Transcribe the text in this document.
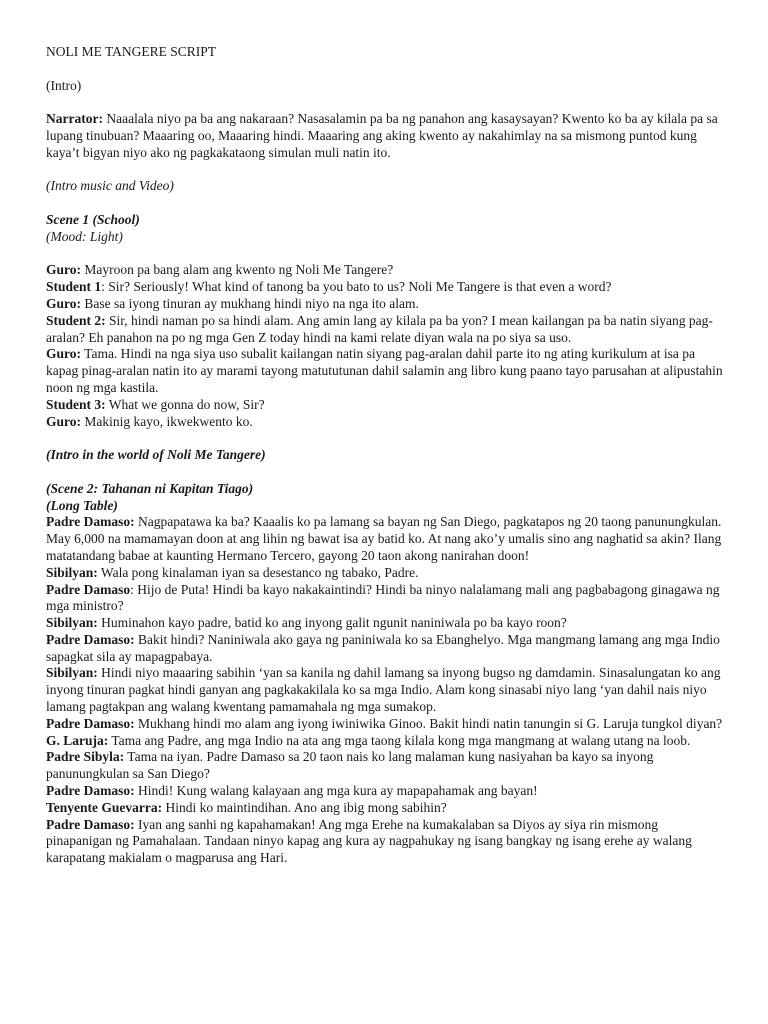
NOLI ME TANGERE SCRIPT

(Intro)

Narrator: Naaalala niyo pa ba ang nakaraan? Nasasalamin pa ba ng panahon ang kasaysayan? Kwento ko ba ay kilala pa sa lupang tinubuan? Maaaring oo, Maaaring hindi. Maaaring ang aking kwento ay nakahimlay na sa mismong puntod kung kaya’t bigyan niyo ako ng pagkakataong simulan muli natin ito.

(Intro music and Video)

Scene 1 (School)

(Mood: Light)

Guro: Mayroon pa bang alam ang kwento ng Noli Me Tangere?

Student 1: Sir? Seriously! What kind of tanong ba you bato to us? Noli Me Tangere is that even a word?

Guro: Base sa iyong tinuran ay mukhang hindi niyo na nga ito alam.

Student 2: Sir, hindi naman po sa hindi alam. Ang amin lang ay kilala pa ba yon? I mean kailangan pa ba natin siyang pag-aralan? Eh panahon na po ng mga Gen Z today hindi na kami relate diyan wala na po siya sa uso.

Guro: Tama. Hindi na nga siya uso subalit kailangan natin siyang pag-aralan dahil parte ito ng ating kurikulum at isa pa kapag pinag-aralan natin ito ay marami tayong matututunan dahil salamin ang libro kung paano tayo parusahan at alipustahin noon ng mga kastila.

Student 3: What we gonna do now, Sir?

Guro: Makinig kayo, ikwekwento ko.

(Intro in the world of Noli Me Tangere)

(Scene 2: Tahanan ni Kapitan Tiago)

(Long Table)

Padre Damaso: Nagpapatawa ka ba? Kaaalis ko pa lamang sa bayan ng San Diego, pagkatapos ng 20 taong panunungkulan. May 6,000 na mamamayan doon at ang lihin ng bawat isa ay batid ko. At nang ako’y umalis sino ang naghatid sa akin? Ilang matatandang babae at kaunting Hermano Tercero, gayong 20 taon akong nanirahan doon!

Sibilyan: Wala pong kinalaman iyan sa desestanco ng tabako, Padre.

Padre Damaso: Hijo de Puta! Hindi ba kayo nakakaintindi? Hindi ba ninyo nalalamang mali ang pagbabagong ginagawa ng mga ministro?

Sibilyan: Huminahon kayo padre, batid ko ang inyong galit ngunit naniniwala po ba kayo roon?

Padre Damaso: Bakit hindi? Naniniwala ako gaya ng paniniwala ko sa Ebanghelyo. Mga mangmang lamang ang mga Indio sapagkat sila ay mapagpabaya.

Sibilyan: Hindi niyo maaaring sabihin ‘yan sa kanila ng dahil lamang sa inyong bugso ng damdamin. Sinasalungatan ko ang inyong tinuran pagkat hindi ganyan ang pagkakakilala ko sa mga Indio. Alam kong sinasabi niyo lang ‘yan dahil nais niyo lamang pagtakpan ang walang kwentang pamamahala ng mga sumakop.

Padre Damaso: Mukhang hindi mo alam ang iyong iwiniwika Ginoo. Bakit hindi natin tanungin si G. Laruja tungkol diyan?

G. Laruja: Tama ang Padre, ang mga Indio na ata ang mga taong kilala kong mga mangmang at walang utang na loob.

Padre Sibyla: Tama na iyan. Padre Damaso sa 20 taon nais ko lang malaman kung nasiyahan ba kayo sa inyong panunungkulan sa San Diego?

Padre Damaso: Hindi! Kung walang kalayaan ang mga kura ay mapapahamak ang bayan!

Tenyente Guevarra: Hindi ko maintindihan. Ano ang ibig mong sabihin?

Padre Damaso: Iyan ang sanhi ng kapahamakan! Ang mga Erehe na kumakalaban sa Diyos ay siya rin mismong pinapanigan ng Pamahalaan. Tandaan ninyo kapag ang kura ay nagpahukay ng isang bangkay ng isang erehe ay walang karapatang makialam o magparusa ang Hari.
